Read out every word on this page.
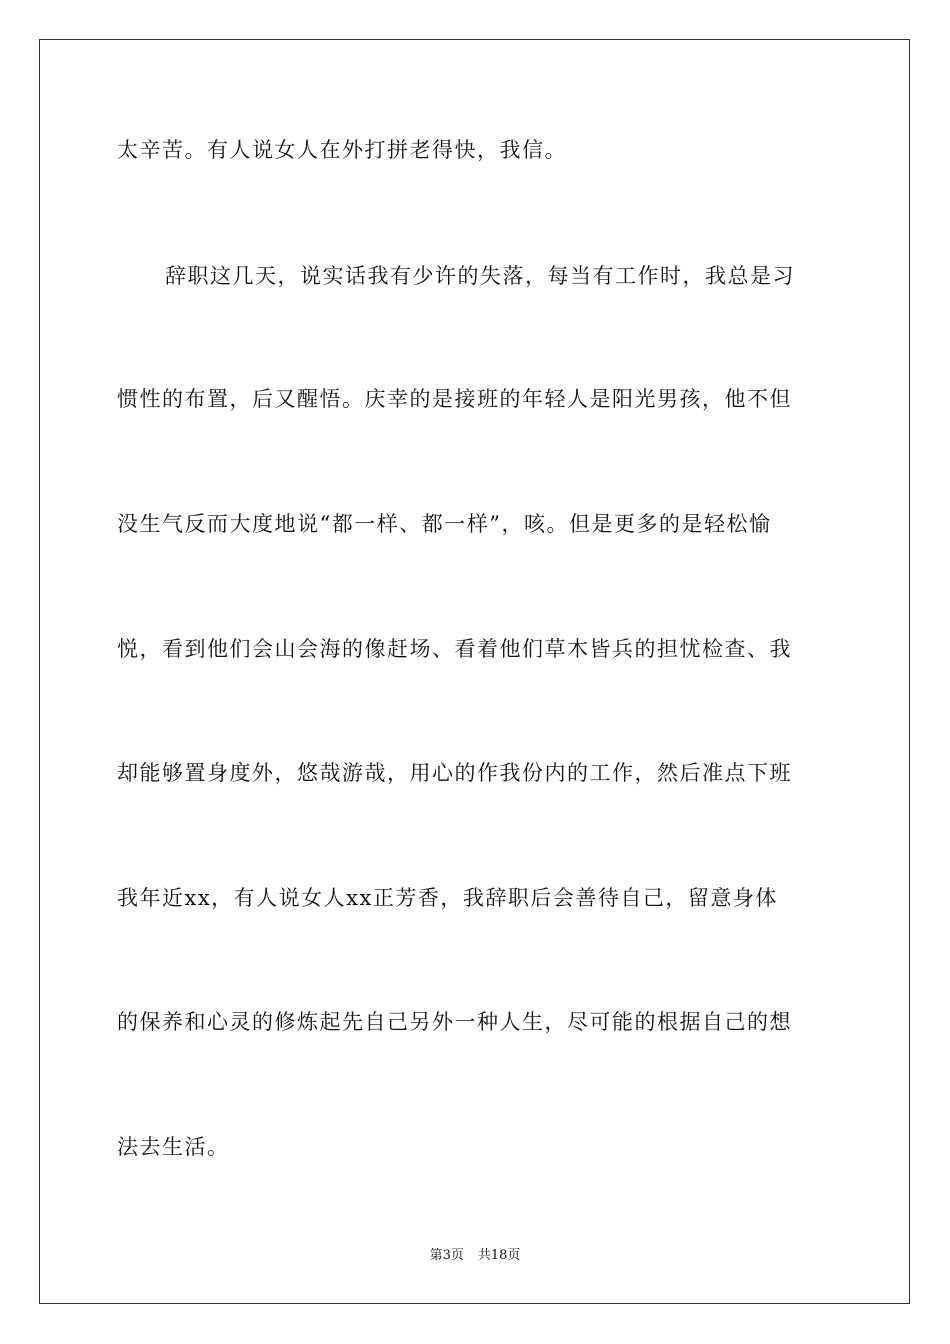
太辛苦。有人说女人在外打拼老得快，我信。
辞职这几天，说实话我有少许的失落，每当有工作时，我总是习
惯性的布置，后又醒悟。庆幸的是接班的年轻人是阳光男孩，他不但
没生气反而大度地说“都一样、都一样”，咳。但是更多的是轻松愉
悦，看到他们会山会海的像赶场、看着他们草木皆兵的担忧检查、我
却能够置身度外，悠哉游哉，用心的作我份内的工作，然后准点下班
我年近xx，有人说女人xx正芳香，我辞职后会善待自己，留意身体
的保养和心灵的修炼起先自己另外一种人生，尽可能的根据自己的想
法去生活。
第3页 共18页
